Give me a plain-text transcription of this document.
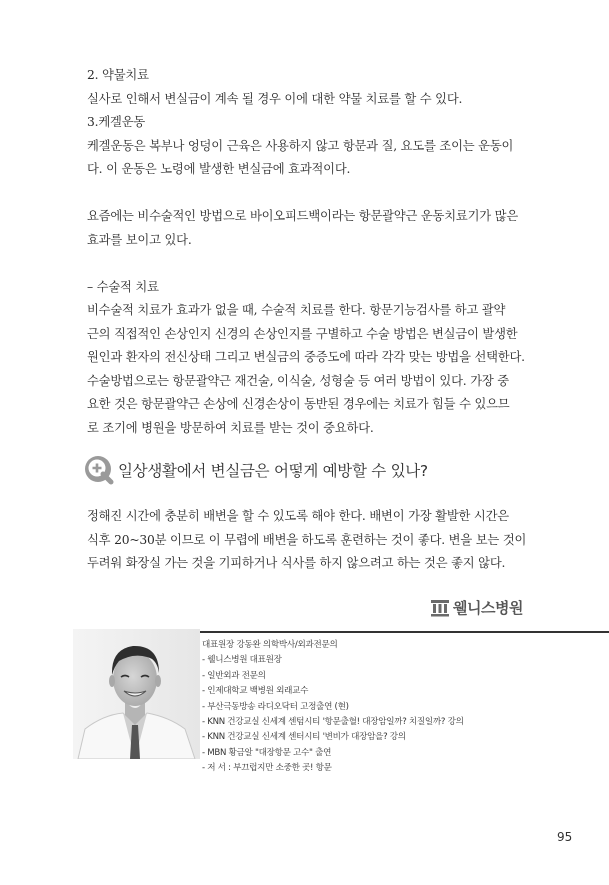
2. 약물치료

실사로 인해서 변실금이 계속 될 경우 이에 대한 약물 치료를 할 수 있다.

3.케겔운동

케겔운동은 복부나 엉덩이 근육은 사용하지 않고 항문과 질, 요도를 조이는 운동이

다. 이 운동은 노령에 발생한 변실금에 효과적이다.

요즘에는 비수술적인 방법으로 바이오피드백이라는 항문괄약근 운동치료기가 많은

효과를 보이고 있다.

– 수술적 치료

비수술적 치료가 효과가 없을 때, 수술적 치료를 한다. 항문기능검사를 하고 괄약

근의 직접적인 손상인지 신경의 손상인지를 구별하고 수술 방법은 변실금이 발생한

원인과 환자의 전신상태 그리고 변실금의 중증도에 따라 각각 맞는 방법을 선택한다.

수술방법으로는 항문괄약근 재건술, 이식술, 성형술 등 여러 방법이 있다. 가장 중

요한 것은 항문괄약근 손상에 신경손상이 동반된 경우에는 치료가 힘들 수 있으므

로 조기에 병원을 방문하여 치료를 받는 것이 중요하다.

일상생활에서 변실금은 어떻게 예방할 수 있나?

정해진 시간에 충분히 배변을 할 수 있도록 해야 한다. 배변이 가장 활발한 시간은

식후 20~30분 이므로 이 무렵에 배변을 하도록 훈련하는 것이 좋다. 변을 보는 것이

두려워 화장실 가는 것을 기피하거나 식사를 하지 않으려고 하는 것은 좋지 않다.

웰니스병원
대표원장 강동완 의학박사/외과전문의
- 웰니스병원 대표원장
- 일반외과 전문의
- 인제대학교 백병원 외래교수
- 부산극동방송 라디오닥터 고정출연 (현)
- KNN 건강교실 신세계 센텀시티 '항문출혈! 대장암일까? 치질일까? 강의
- KNN 건강교실 신세계 센터시티 '변비가 대장암을? 강의
- MBN 황금알 "대장항문 고수" 출연
- 저 서 : 부끄럽지만 소중한 곳! 항문
95
